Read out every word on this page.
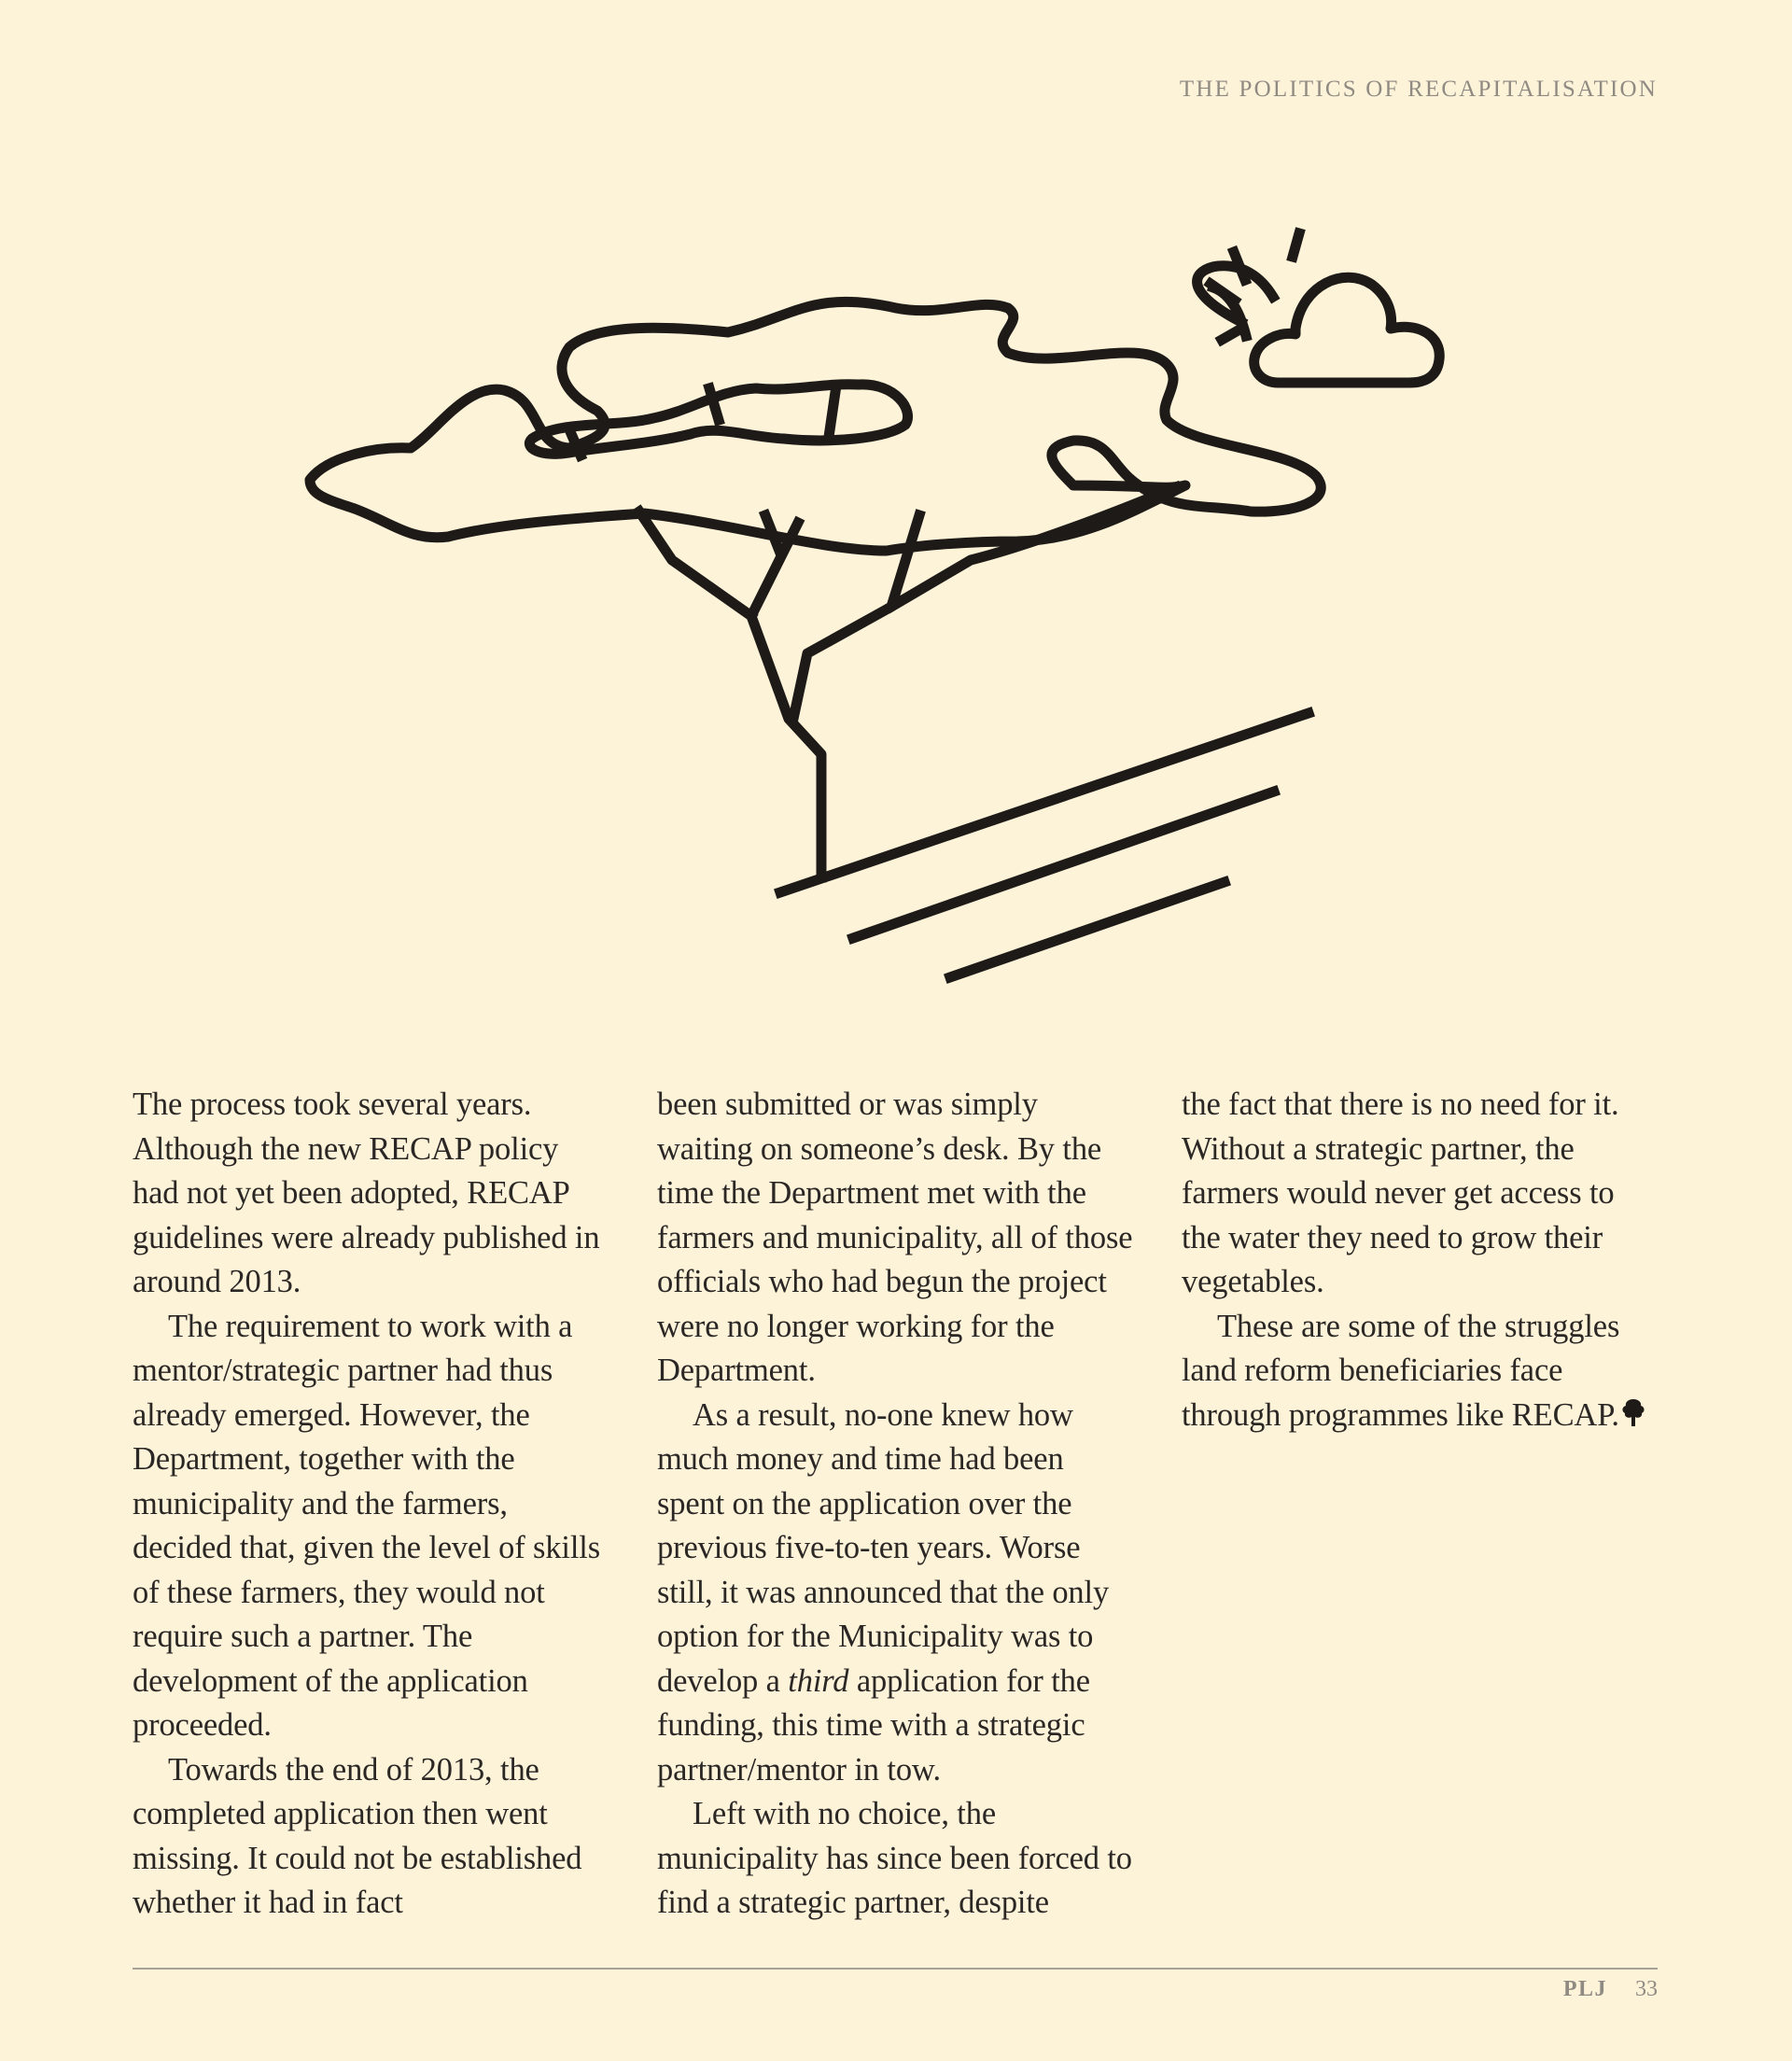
THE POLITICS OF RECAPITALISATION

The process took several years. Although the new RECAP policy had not yet been adopted, RECAP guidelines were already published in around 2013.

The requirement to work with a mentor/strategic partner had thus already emerged. However, the Department, together with the municipality and the farmers, decided that, given the level of skills of these farmers, they would not require such a partner. The development of the application proceeded.

Towards the end of 2013, the completed application then went missing. It could not be established whether it had in fact

been submitted or was simply waiting on someone’s desk. By the time the Department met with the farmers and municipality, all of those officials who had begun the project were no longer working for the Department.

As a result, no-one knew how much money and time had been spent on the application over the previous five-to-ten years. Worse still, it was announced that the only option for the Municipality was to develop a third application for the funding, this time with a strategic partner/mentor in tow.

Left with no choice, the municipality has since been forced to find a strategic partner, despite

the fact that there is no need for it. Without a strategic partner, the farmers would never get access to the water they need to grow their vegetables.

These are some of the struggles land reform beneficiaries face through programmes like RECAP.

PLJ 33
